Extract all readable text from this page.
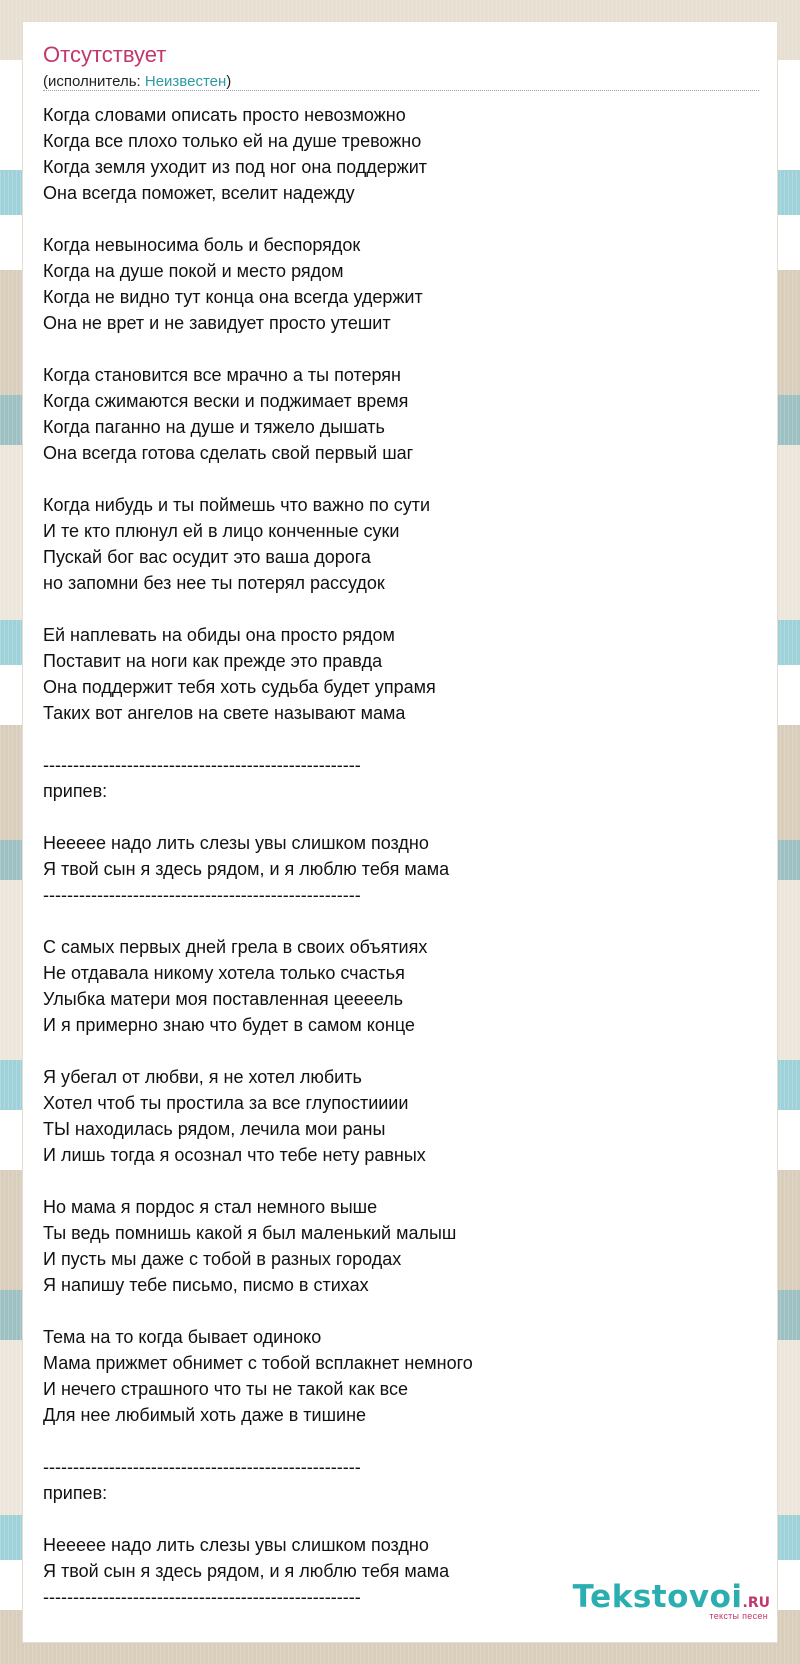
Отсутствует
(исполнитель: Неизвестен)
Когда словами описать просто невозможно
Когда все плохо только ей на душе тревожно
Когда земля уходит из под ног она поддержит
Она всегда поможет, вселит надежду
Когда невыносима боль и беспорядок
Когда на душе покой и место рядом
Когда не видно тут конца она всегда удержит
Она не врет и не завидует просто утешит
Когда становится все мрачно а ты потерян
Когда сжимаются вески и поджимает время
Когда паганно на душе и тяжело дышать
Она всегда готова сделать свой первый шаг
Когда нибудь и ты поймешь что важно по сути
И те кто плюнул ей в лицо конченные суки
Пускай бог вас осудит это ваша дорога
но запомни без нее ты потерял рассудок
Ей наплевать на обиды она просто рядом
Поставит на ноги как прежде это правда
Она поддержит тебя хоть судьба будет упрамя
Таких вот ангелов на свете называют мама
-----------------------------------------------------
припев:
Неееее надо лить слезы увы слишком поздно
Я твой сын я здесь рядом, и я люблю тебя мама
-----------------------------------------------------
С самых первых дней грела в своих объятиях
Не отдавала никому хотела только счастья
Улыбка матери моя поставленная цеееель
И я примерно знаю что будет в самом конце
Я убегал от любви, я не хотел любить
Хотел чтоб ты простила за все глупостииии
ТЫ находилась рядом, лечила мои раны
И лишь тогда я осознал что тебе нету равных
Но мама я пордос я стал немного выше
Ты ведь помнишь какой я был маленький малыш
И пусть мы даже с тобой в разных городах
Я напишу тебе письмо, писмо в стихах
Тема на то когда бывает одиноко
Мама прижмет обнимет с тобой всплакнет немного
И нечего страшного что ты не такой как все
Для нее любимый хоть даже в тишине
-----------------------------------------------------
припев:
Неееее надо лить слезы увы слишком поздно
Я твой сын я здесь рядом, и я люблю тебя мама
-----------------------------------------------------	Tekstovoi.RU
тексты песен
